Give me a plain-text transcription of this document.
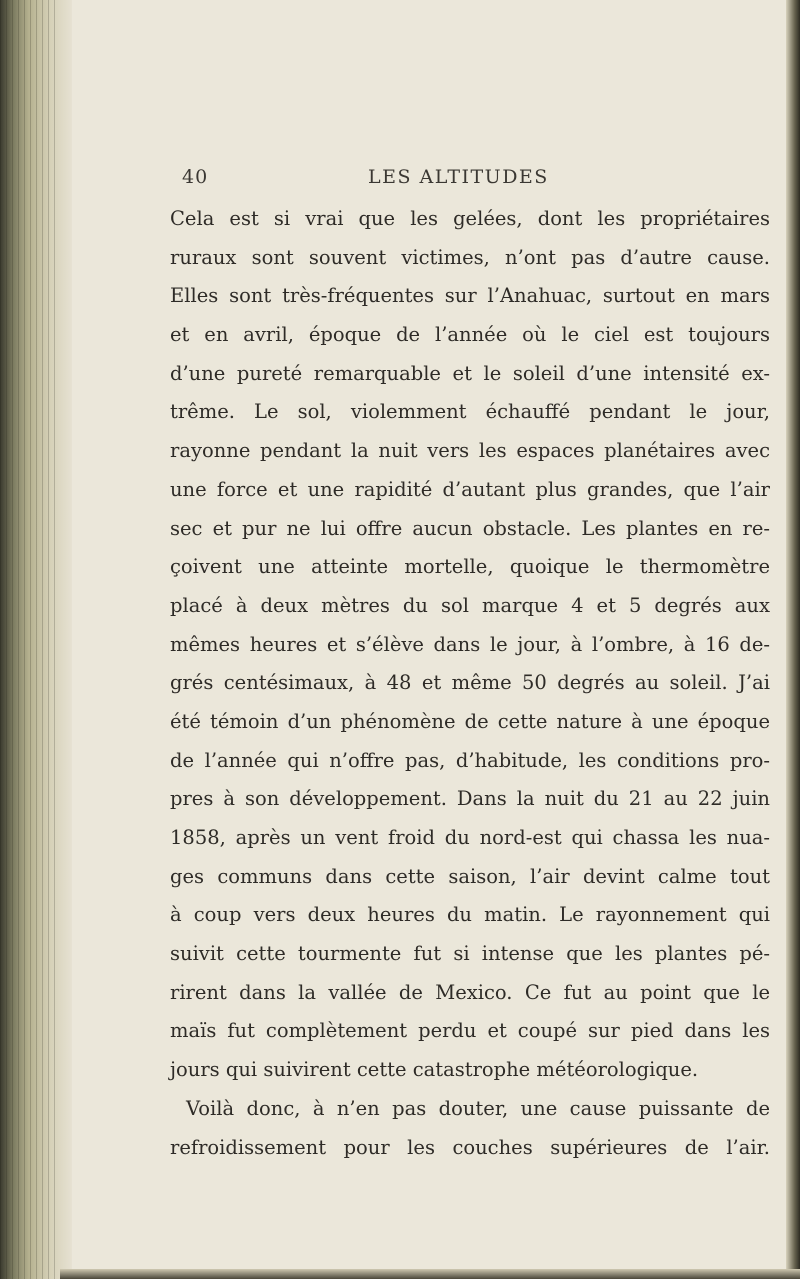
40	LES ALTITUDES
Cela est si vrai que les gelées, dont les propriétaires
ruraux sont souvent victimes, n’ont pas d’autre cause.
Elles sont très-fréquentes sur l’Anahuac, surtout en mars
et en avril, époque de l’année où le ciel est toujours
d’une pureté remarquable et le soleil d’une intensité ex-
trême. Le sol, violemment échauffé pendant le jour,
rayonne pendant la nuit vers les espaces planétaires avec
une force et une rapidité d’autant plus grandes, que l’air
sec et pur ne lui offre aucun obstacle. Les plantes en re-
çoivent une atteinte mortelle, quoique le thermomètre
placé à deux mètres du sol marque 4 et 5 degrés aux
mêmes heures et s’élève dans le jour, à l’ombre, à 16 de-
grés centésimaux, à 48 et même 50 degrés au soleil. J’ai
été témoin d’un phénomène de cette nature à une époque
de l’année qui n’offre pas, d’habitude, les conditions pro-
pres à son développement. Dans la nuit du 21 au 22 juin
1858, après un vent froid du nord-est qui chassa les nua-
ges communs dans cette saison, l’air devint calme tout
à coup vers deux heures du matin. Le rayonnement qui
suivit cette tourmente fut si intense que les plantes pé-
rirent dans la vallée de Mexico. Ce fut au point que le
maïs fut complètement perdu et coupé sur pied dans les
jours qui suivirent cette catastrophe météorologique.
Voilà donc, à n’en pas douter, une cause puissante de
refroidissement pour les couches supérieures de l’air.
